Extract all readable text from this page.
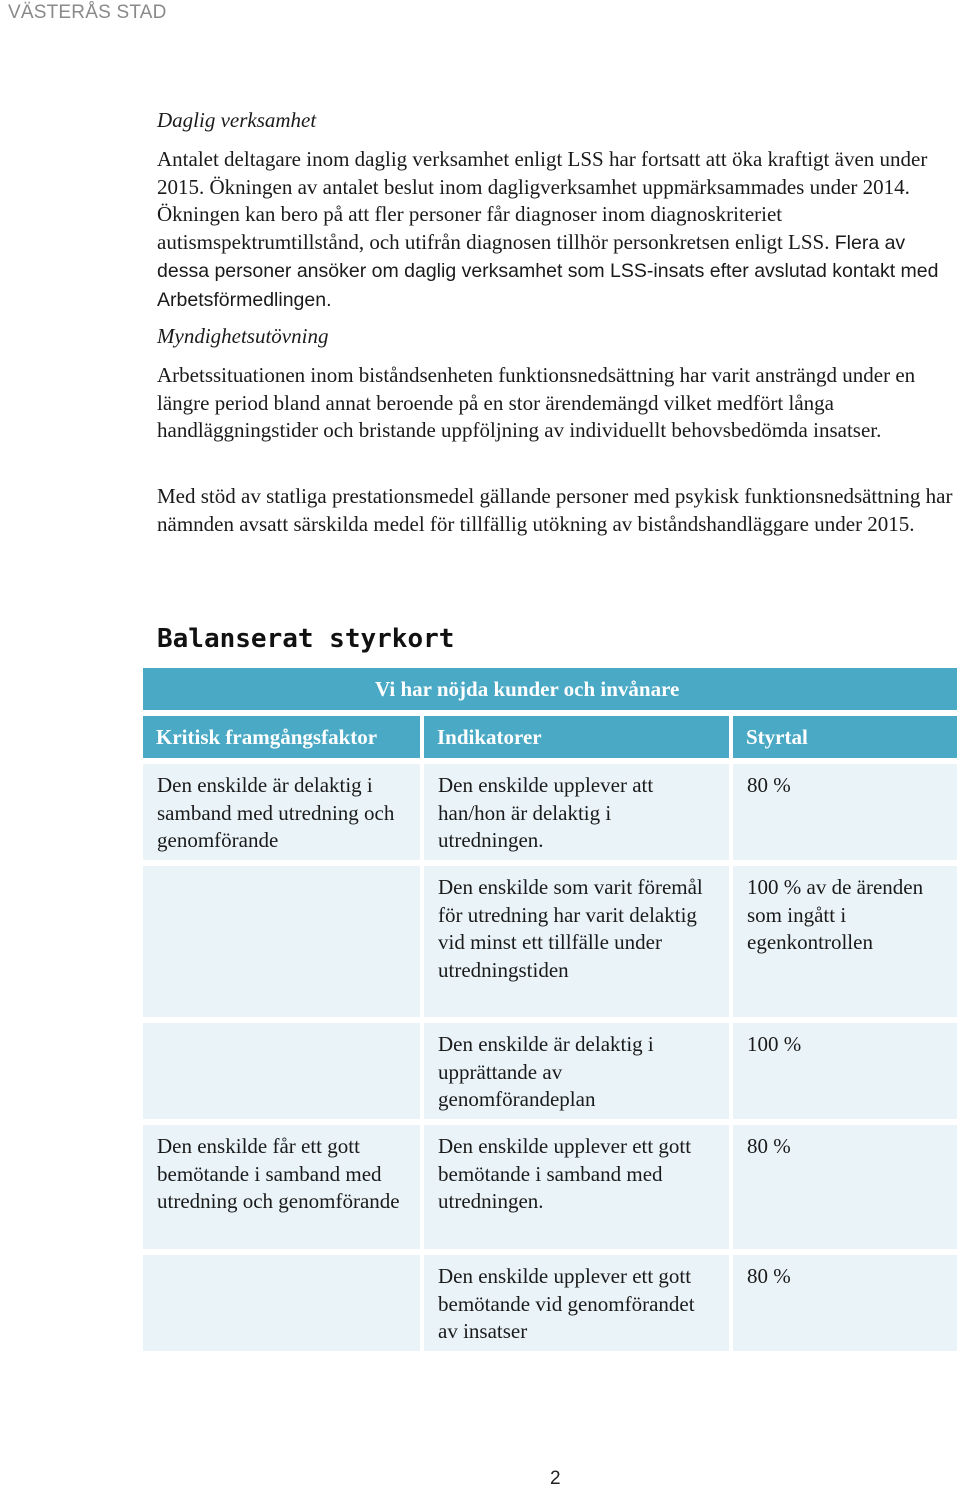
VÄSTERÅS STAD
Daglig verksamhet

Antalet deltagare inom daglig verksamhet enligt LSS har fortsatt att öka kraftigt även under 2015. Ökningen av antalet beslut inom dagligverksamhet uppmärksammades under 2014. Ökningen kan bero på att fler personer får diagnoser inom diagnoskriteriet autismspektrumtillstånd, och utifrån diagnosen tillhör personkretsen enligt LSS. Flera av dessa personer ansöker om daglig verksamhet som LSS-insats efter avslutad kontakt med Arbetsförmedlingen.

Myndighetsutövning

Arbetssituationen inom biståndsenheten funktionsnedsättning har varit ansträngd under en längre period bland annat beroende på en stor ärendemängd vilket medfört långa handläggningstider och bristande uppföljning av individuellt behovsbedömda insatser.

Med stöd av statliga prestationsmedel gällande personer med psykisk funktionsnedsättning har nämnden avsatt särskilda medel för tillfällig utökning av biståndshandläggare under 2015.

Balanserat styrkort
Vi har nöjda kunder och invånare
Kritisk framgångsfaktor	Indikatorer	Styrtal
Den enskilde är delaktig i samband med utredning och genomförande
Den enskilde upplever att han/hon är delaktig i utredningen.
80 %
Den enskilde som varit föremål för utredning har varit delaktig vid minst ett tillfälle under utredningstiden
100 % av de ärenden som ingått i egenkontrollen
Den enskilde är delaktig i upprättande av genomförandeplan
100 %
Den enskilde får ett gott bemötande i samband med utredning och genomförande
Den enskilde upplever ett gott bemötande i samband med utredningen.
80 %
Den enskilde upplever ett gott bemötande vid genomförandet av insatser
80 %
2
